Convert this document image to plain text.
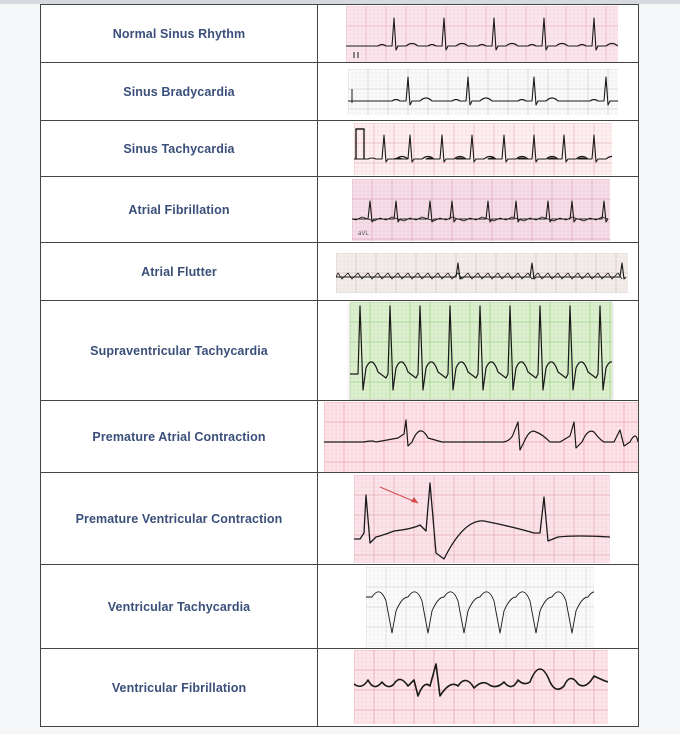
Normal Sinus Rhythm	

Sinus Bradycardia	

Sinus Tachycardia	

Atrial Fibrillation	aVL

Atrial Flutter	

Supraventricular Tachycardia	

Premature Atrial Contraction	

Premature Ventricular Contraction	

Ventricular Tachycardia	

Ventricular Fibrillation	
